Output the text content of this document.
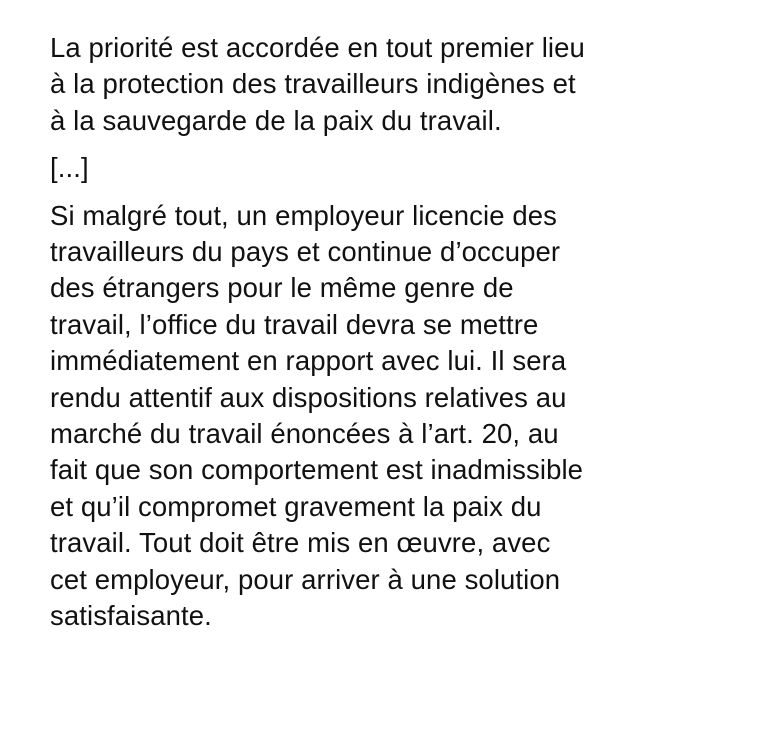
La priorité est accordée en tout premier lieu
à la protection des travailleurs indigènes et
à la sauvegarde de la paix du travail.

[...]

Si malgré tout, un employeur licencie des
travailleurs du pays et continue d’occuper
des étrangers pour le même genre de
travail, l’office du travail devra se mettre
immédiatement en rapport avec lui. Il sera
rendu attentif aux dispositions relatives au
marché du travail énoncées à l’art. 20, au
fait que son comportement est inadmissible
et qu’il compromet gravement la paix du
travail. Tout doit être mis en œuvre, avec
cet employeur, pour arriver à une solution
satisfaisante.
